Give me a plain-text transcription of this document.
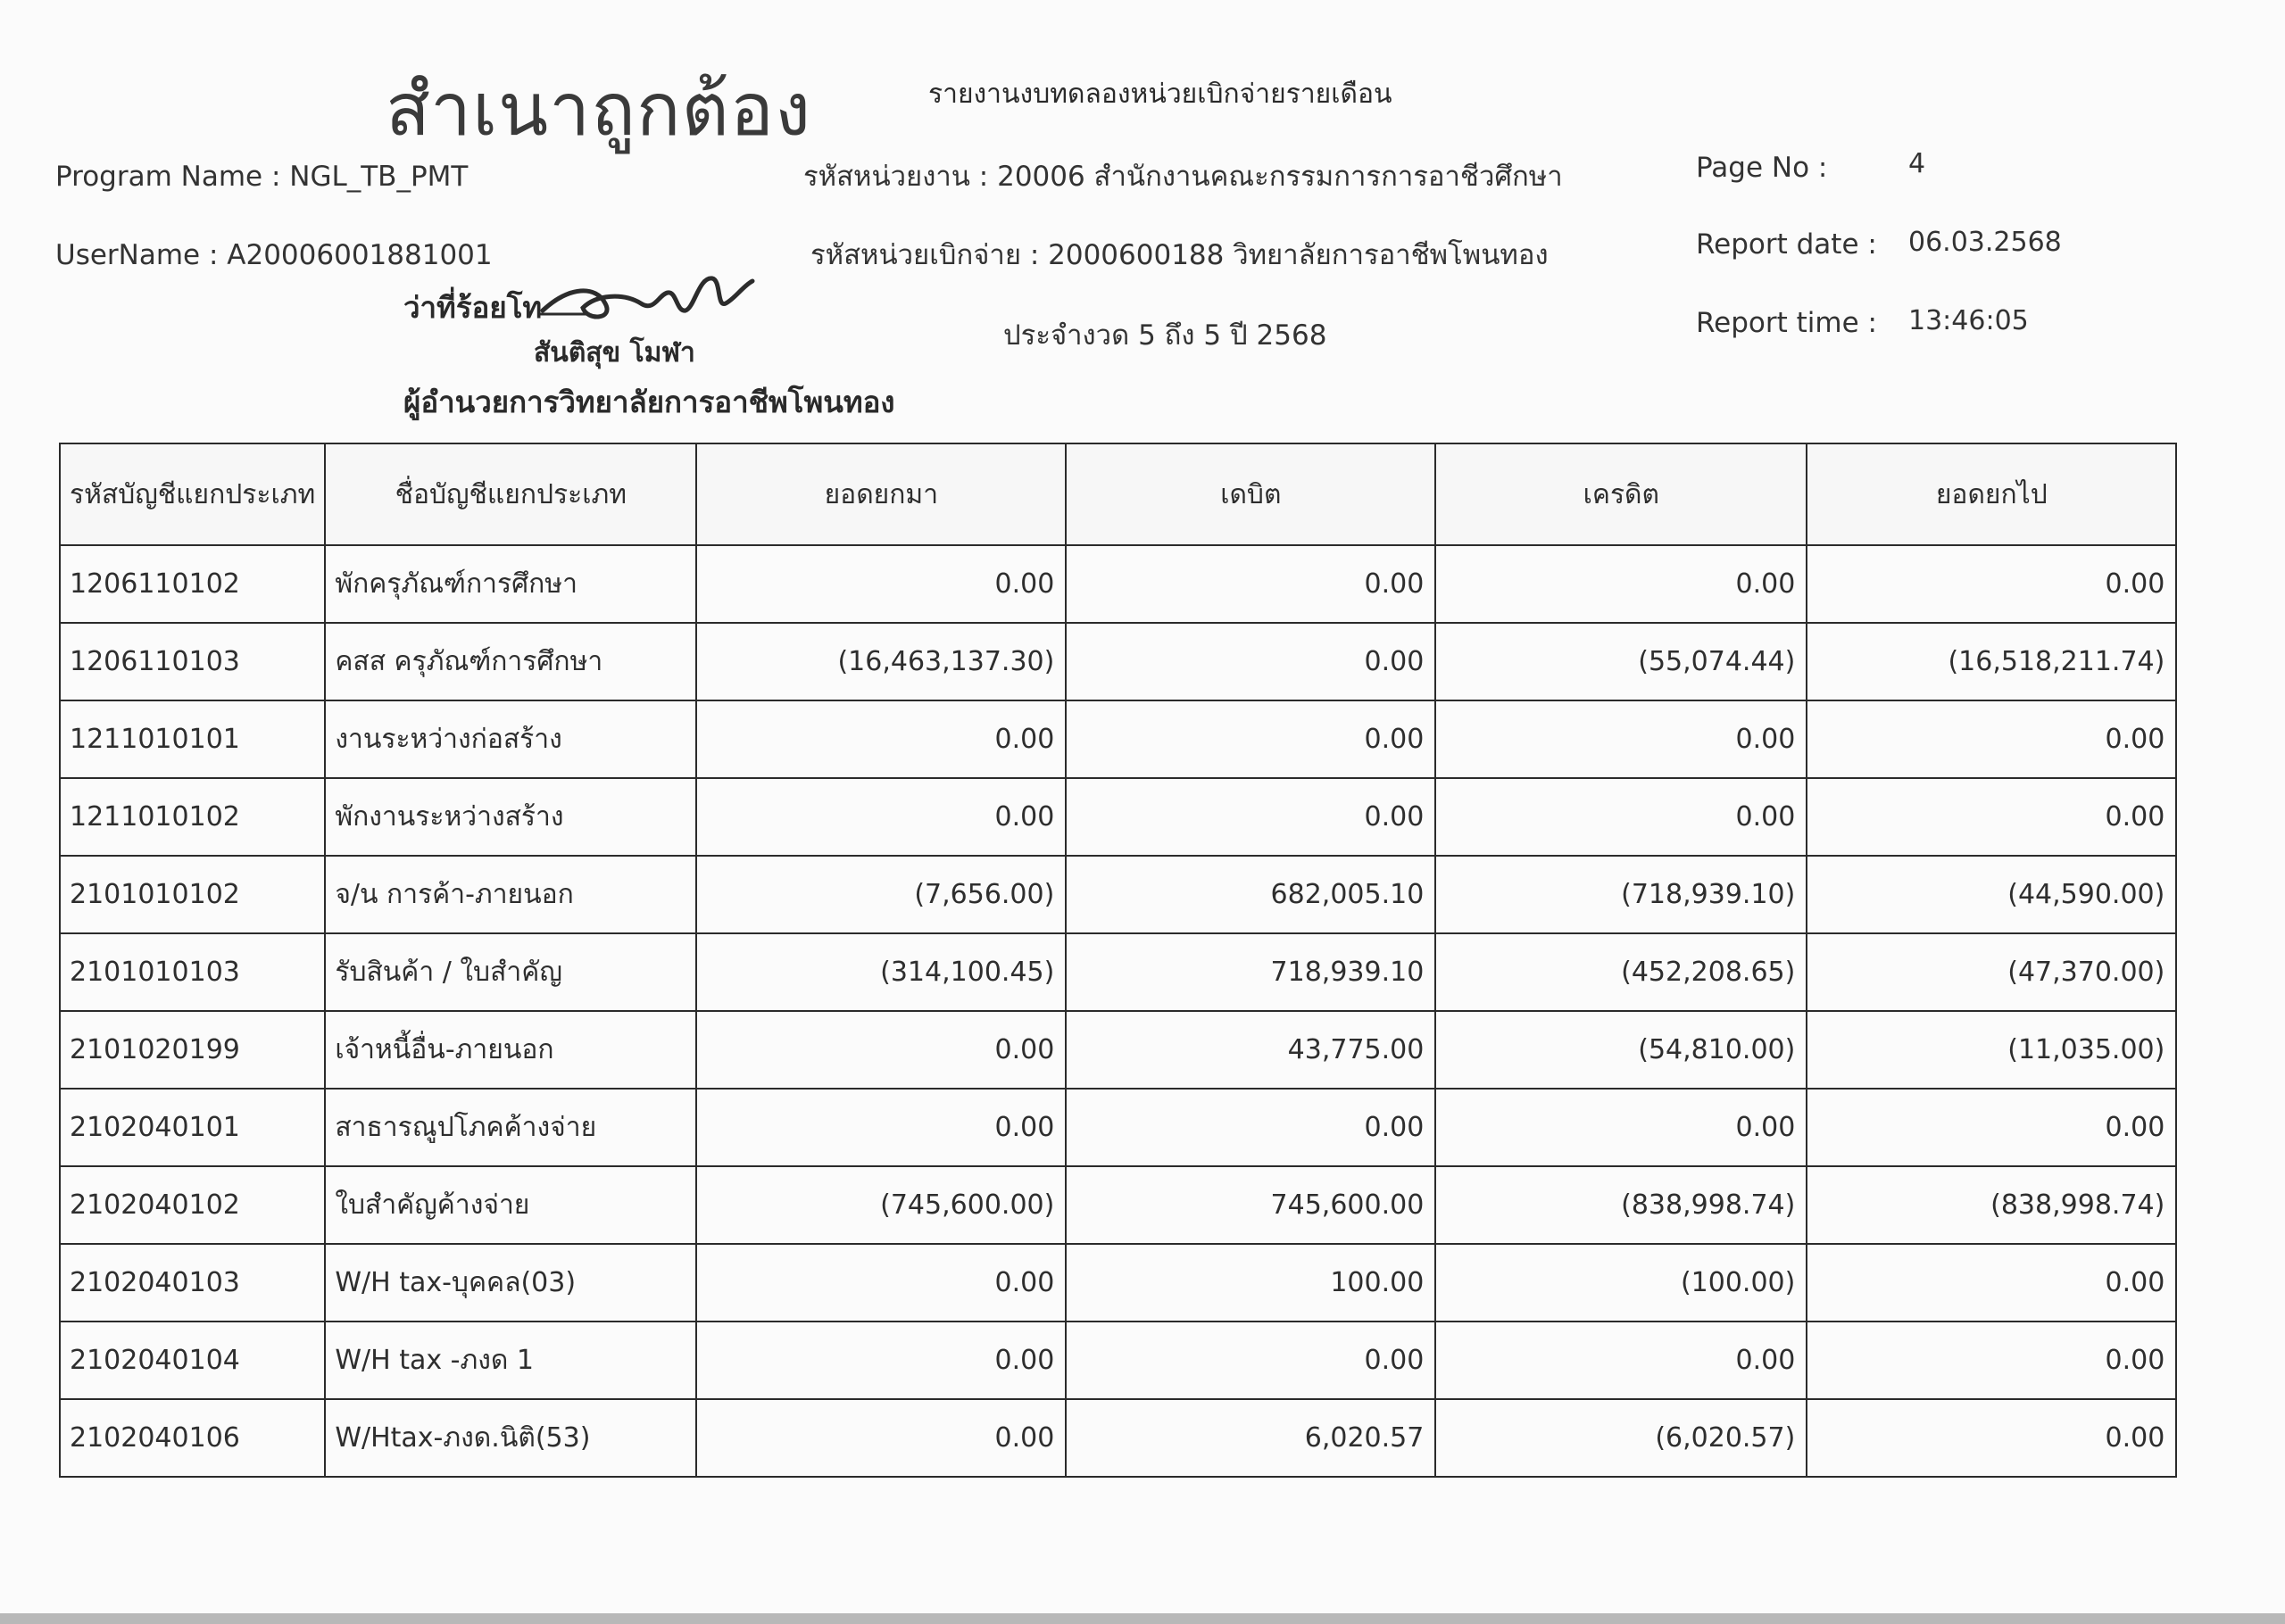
สำเนาถูกต้อง	รายงานงบทดลองหน่วยเบิกจ่ายรายเดือน
Program Name : NGL_TB_PMT
UserName : A20006001881001
รหัสหน่วยงาน : 20006 สำนักงานคณะกรรมการการอาชีวศึกษา
รหัสหน่วยเบิกจ่าย : 2000600188 วิทยาลัยการอาชีพโพนทอง
ประจำงวด 5 ถึง 5 ปี 2568
Page No :	4
Report date : 06.03.2568
Report time : 13:46:05
ว่าที่ร้อยโท
สันติสุข โมฬา
ผู้อำนวยการวิทยาลัยการอาชีพโพนทอง
รหัสบัญชีแยกประเภท	ชื่อบัญชีแยกประเภท	ยอดยกมา	เดบิต	เครดิต	ยอดยกไป
1206110102	พักครุภัณฑ์การศึกษา	0.00	0.00	0.00	0.00
1206110103	คสส ครุภัณฑ์การศึกษา	(16,463,137.30)	0.00	(55,074.44)	(16,518,211.74)
1211010101	งานระหว่างก่อสร้าง	0.00	0.00	0.00	0.00
1211010102	พักงานระหว่างสร้าง	0.00	0.00	0.00	0.00
2101010102	จ/น การค้า-ภายนอก	(7,656.00)	682,005.10	(718,939.10)	(44,590.00)
2101010103	รับสินค้า / ใบสำคัญ	(314,100.45)	718,939.10	(452,208.65)	(47,370.00)
2101020199	เจ้าหนี้อื่น-ภายนอก	0.00	43,775.00	(54,810.00)	(11,035.00)
2102040101	สาธารณูปโภคค้างจ่าย	0.00	0.00	0.00	0.00
2102040102	ใบสำคัญค้างจ่าย	(745,600.00)	745,600.00	(838,998.74)	(838,998.74)
2102040103	W/H tax-บุคคล(03)	0.00	100.00	(100.00)	0.00
2102040104	W/H tax -ภงด 1	0.00	0.00	0.00	0.00
2102040106	W/Htax-ภงด.นิติ(53)	0.00	6,020.57	(6,020.57)	0.00
